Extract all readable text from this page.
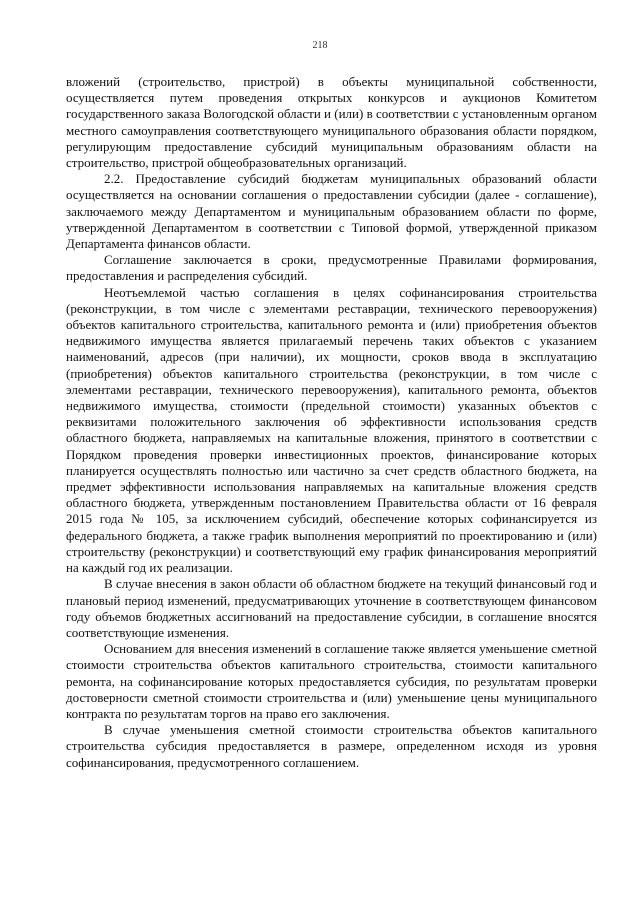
218

вложений (строительство, пристрой) в объекты муниципальной собственности, осуществляется путем проведения открытых конкурсов и аукционов Комитетом государственного заказа Вологодской области и (или) в соответствии с установленным органом местного самоуправления соответствующего муниципального образования области порядком, регулирующим предоставление субсидий муниципальным образованиям области на строительство, пристрой общеобразовательных организаций.

2.2. Предоставление субсидий бюджетам муниципальных образований области осуществляется на основании соглашения о предоставлении субсидии (далее - соглашение), заключаемого между Департаментом и муниципальным образованием области по форме, утвержденной Департаментом в соответствии с Типовой формой, утвержденной приказом Департамента финансов области.

Соглашение заключается в сроки, предусмотренные Правилами формирования, предоставления и распределения субсидий.

Неотъемлемой частью соглашения в целях софинансирования строительства (реконструкции, в том числе с элементами реставрации, технического перевооружения) объектов капитального строительства, капитального ремонта и (или) приобретения объектов недвижимого имущества является прилагаемый перечень таких объектов с указанием наименований, адресов (при наличии), их мощности, сроков ввода в эксплуатацию (приобретения) объектов капитального строительства (реконструкции, в том числе с элементами реставрации, технического перевооружения), капитального ремонта, объектов недвижимого имущества, стоимости (предельной стоимости) указанных объектов с реквизитами положительного заключения об эффективности использования средств областного бюджета, направляемых на капитальные вложения, принятого в соответствии с Порядком проведения проверки инвестиционных проектов, финансирование которых планируется осуществлять полностью или частично за счет средств областного бюджета, на предмет эффективности использования направляемых на капитальные вложения средств областного бюджета, утвержденным постановлением Правительства области от 16 февраля 2015 года № 105, за исключением субсидий, обеспечение которых софинансируется из федерального бюджета, а также график выполнения мероприятий по проектированию и (или) строительству (реконструкции) и соответствующий ему график финансирования мероприятий на каждый год их реализации.

В случае внесения в закон области об областном бюджете на текущий финансовый год и плановый период изменений, предусматривающих уточнение в соответствующем финансовом году объемов бюджетных ассигнований на предоставление субсидии, в соглашение вносятся соответствующие изменения.

Основанием для внесения изменений в соглашение также является уменьшение сметной стоимости строительства объектов капитального строительства, стоимости капитального ремонта, на софинансирование которых предоставляется субсидия, по результатам проверки достоверности сметной стоимости строительства и (или) уменьшение цены муниципального контракта по результатам торгов на право его заключения.

В случае уменьшения сметной стоимости строительства объектов капитального строительства субсидия предоставляется в размере, определенном исходя из уровня софинансирования, предусмотренного соглашением.
